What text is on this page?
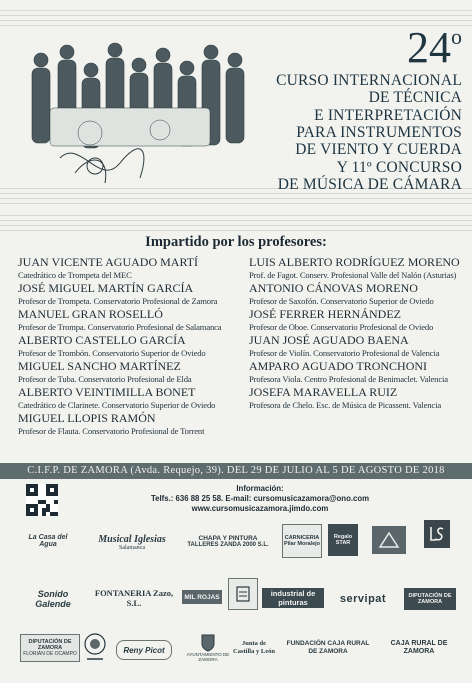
24$^o$
CURSO INTERNACIONAL
DE TÉCNICA
E INTERPRETACIÓN
PARA INSTRUMENTOS
DE VIENTO Y CUERDA
Y 11º CONCURSO
DE MÚSICA DE CÁMARA
Impartido por los profesores:
JUAN VICENTE AGUADO MARTÍ
Catedrático de Trompeta del MEC
JOSÉ MIGUEL MARTÍN GARCÍA
Profesor de Trompeta. Conservatorio Profesional de Zamora
MANUEL GRAN ROSELLÓ
Profesor de Trompa. Conservatorio Profesional de Salamanca
ALBERTO CASTELLO GARCÍA
Profesor de Trombón. Conservatorio Superior de Oviedo
MIGUEL SANCHO MARTÍNEZ
Profesor de Tuba. Conservatorio Profesional de Elda
ALBERTO VEINTIMILLA BONET
Catedrático de Clarinete. Conservatorio Superior de Oviedo
MIGUEL LLOPIS RAMÓN
Profesor de Flauta. Conservatorio Profesional de Torrent
LUIS ALBERTO RODRÍGUEZ MORENO
Prof. de Fagot. Conserv. Profesional Valle del Nalón (Asturias)
ANTONIO CÁNOVAS MORENO
Profesor de Saxofón. Conservatorio Superior de Oviedo
JOSÉ FERRER HERNÁNDEZ
Profesor de Oboe. Conservatorio Profesional de Oviedo
JUAN JOSÉ AGUADO BAENA
Profesor de Violín. Conservatorio Profesional de Valencia
AMPARO AGUADO TRONCHONI
Profesora Viola. Centro Profesional de Benimaclet. Valencia
JOSEFA MARAVELLA RUIZ
Profesora de Chelo. Esc. de Música de Picassent. Valencia
C.I.F.P. DE ZAMORA (Avda. Requejo, 39). DEL 29 DE JULIO AL 5 DE AGOSTO DE 2018
Información:
Telfs.: 636 88 25 58. E-mail: cursomusicazamora@ono.com
www.cursomusicazamora.jimdo.com
La Casa del Agua	Musical Iglesias
Salamanca
CHAPA Y PINTURA
TALLERES ZANDA 2000 S.L.
CARNICERIA Pilar Moralejo
Regalo STAR
Sonido Galende
FONTANERIA Zazo, S.L.
MIL ROJAS	industrial de pinturas	servipat	DIPUTACIÓN DE ZAMORA
DIPUTACIÓN DE ZAMORA
FLORIÁN DE OCAMPO	Reny Picot	AYUNTAMIENTO DE ZAMORA
Junta de Castilla y León
FUNDACIÓN CAJA RURAL DE ZAMORA
CAJA RURAL DE ZAMORA
